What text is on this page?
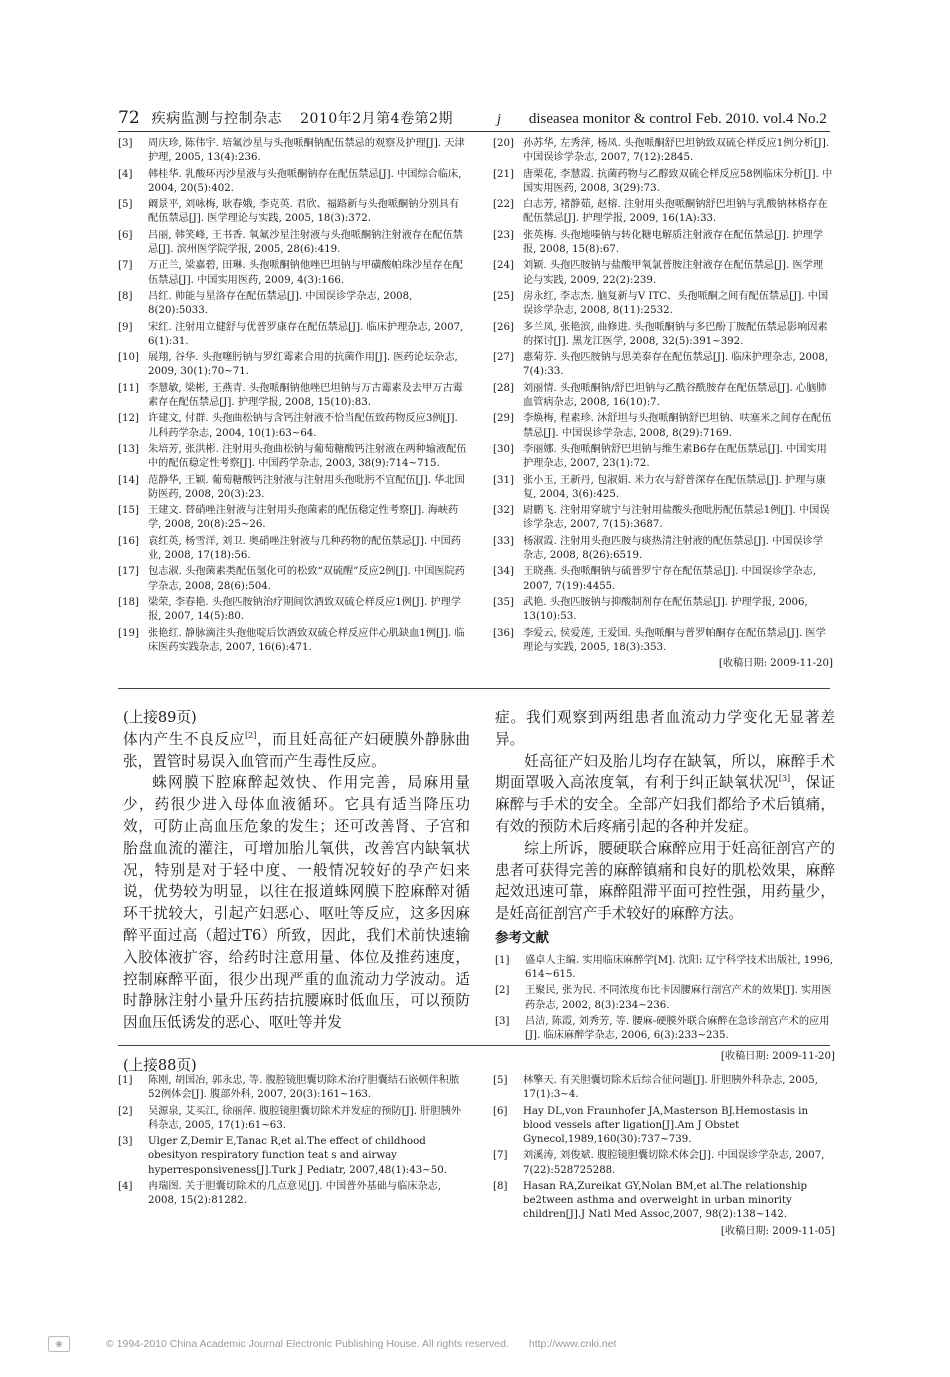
72 疾病监测与控制杂志 2010年2月第4卷第2期	j diseasea monitor & control Feb. 2010. vol.4 No.2
[3]	周庆珍, 陈伟宇. 培氟沙星与头孢哌酮钠配伍禁忌的观察及护理[J]. 天津护理, 2005, 13(4):236.
[4]	韩桂华. 乳酸环丙沙星液与头孢哌酮钠存在配伍禁忌[J]. 中国综合临床, 2004, 20(5):402.
[5]	阚景平, 刘咏梅, 耿春娥, 李克英. 君欣、福路新与头孢哌酮钠分别具有配伍禁忌[J]. 医学理论与实践, 2005, 18(3):372.
[6]	吕丽, 韩笑峰, 王书香. 氧氟沙星注射液与头孢哌酮钠注射液存在配伍禁忌[J]. 滨州医学院学报, 2005, 28(6):419.
[7]	万正兰, 梁嘉碧, 田琳. 头孢哌酮钠他唑巴坦钠与甲磺酸帕珠沙星存在配伍禁忌[J]. 中国实用医药, 2009, 4(3):166.
[8]	吕红. 帅能与星洛存在配伍禁忌[J]. 中国误诊学杂志, 2008, 8(20):5033.
[9]	宋红. 注射用立健舒与优普罗康存在配伍禁忌[J]. 临床护理杂志, 2007, 6(1):31.
[10] 展翔, 谷华. 头孢噻肟钠与罗红霉素合用的抗菌作用[J]. 医药论坛杂志, 2009, 30(1):70~71.
[11] 李慧敏, 梁彬, 王燕青. 头孢哌酮钠他唑巴坦钠与万古霉素及去甲万古霉素存在配伍禁忌[J]. 护理学报, 2008, 15(10):83.
[12] 许建文, 付群. 头孢曲松钠与含钙注射液不恰当配伍致药物反应3例[J]. 儿科药学杂志, 2004, 10(1):63~64.
[13] 朱培芳, 张洪彬. 注射用头孢曲松钠与葡萄糖酸钙注射液在两种输液配伍中的配伍稳定性考察[J]. 中国药学杂志, 2003, 38(9):714~715.
[14] 范静华, 王颖. 葡萄糖酸钙注射液与注射用头孢吡肟不宜配伍[J]. 华北国防医药, 2008, 20(3):23.
[15] 王建文. 替硝唑注射液与注射用头孢菌素的配伍稳定性考察[J]. 海峡药学, 2008, 20(8):25~26.
[16] 袁红英, 杨雪洋, 刘卫. 奥硝唑注射液与几种药物的配伍禁忌[J]. 中国药业, 2008, 17(18):56.
[17] 包志淑. 头孢菌素类配伍氢化可的松致“双硫醒”反应2例[J]. 中国医院药学杂志, 2008, 28(6):504.
[18] 梁荣, 李春艳. 头孢匹胺钠治疗期间饮酒致双硫仑样反应1例[J]. 护理学报, 2007, 14(5):80.
[19] 张艳红. 静脉滴注头孢他啶后饮酒致双硫仑样反应伴心肌缺血1例[J]. 临床医药实践杂志, 2007, 16(6):471.
[20] 孙苏华, 左秀萍, 杨凤. 头孢哌酮舒巴坦钠致双硫仑样反应1例分析[J]. 中国误诊学杂志, 2007, 7(12):2845.
[21] 唐栗花, 李慧霞. 抗菌药物与乙醇致双硫仑样反应58例临床分析[J]. 中国实用医药, 2008, 3(29):73.
[22] 白志芳, 褚静茹, 赵榕. 注射用头孢哌酮钠舒巴坦钠与乳酸钠林格存在配伍禁忌[J]. 护理学报, 2009, 16(1A):33.
[23] 张英梅. 头孢地嗪钠与转化糖电解质注射液存在配伍禁忌[J]. 护理学报, 2008, 15(8):67.
[24] 刘颖. 头孢匹胺钠与盐酸甲氧氯普胺注射液存在配伍禁忌[J]. 医学理论与实践, 2009, 22(2):239.
[25] 房永红, 李志杰. 脑复新与V ITC、头孢哌酮之间有配伍禁忌[J]. 中国误诊学杂志, 2008, 8(11):2532.
[26] 多兰凤, 张艳滨, 曲修进. 头孢哌酮钠与多巴酚丁胺配伍禁忌影响因素的探讨[J]. 黑龙江医学, 2008, 32(5):391~392.
[27] 惠菊芬. 头孢匹胺钠与思美泰存在配伍禁忌[J]. 临床护理杂志, 2008, 7(4):33.
[28] 刘丽情. 头孢哌酮钠/舒巴坦钠与乙酰谷酰胺存在配伍禁忌[J]. 心脑肺血管病杂志, 2008, 16(10):7.
[29] 李焕梅, 程素珍. 沐舒坦与头孢哌酮钠舒巴坦钠、呋塞米之间存在配伍禁忌[J]. 中国误诊学杂志, 2008, 8(29):7169.
[30] 李丽娜. 头孢哌酮钠舒巴坦钠与维生素B6存在配伍禁忌[J]. 中国实用护理杂志, 2007, 23(1):72.
[31] 张小玉, 王新丹, 包淑娟. 米力农与舒普深存在配伍禁忌[J]. 护理与康复, 2004, 3(6):425.
[32] 尉鹏飞. 注射用穿琥宁与注射用盐酸头孢吡肟配伍禁忌1例[J]. 中国误诊学杂志, 2007, 7(15):3687.
[33] 杨淑霞. 注射用头孢匹胺与痰热清注射液的配伍禁忌[J]. 中国误诊学杂志, 2008, 8(26):6519.
[34] 王晓燕. 头孢哌酮钠与硫普罗宁存在配伍禁忌[J]. 中国误诊学杂志, 2007, 7(19):4455.
[35] 武艳. 头孢匹胺钠与抑酸制剂存在配伍禁忌[J]. 护理学报, 2006, 13(10):53.
[36] 李爱云, 侯爱莲, 王爱国. 头孢哌酮与普罗帕酮存在配伍禁忌[J]. 医学理论与实践, 2005, 18(3):353.
[收稿日期: 2009-11-20]

(上接89页)

体内产生不良反应[2]，而且妊高征产妇硬膜外静脉曲张，置管时易误入血管而产生毒性反应。

蛛网膜下腔麻醉起效快、作用完善，局麻用量少，药很少进入母体血液循环。它具有适当降压功效，可防止高血压危象的发生；还可改善肾、子宫和胎盘血流的灌注，可增加胎儿氧供，改善宫内缺氧状况，特别是对于轻中度、一般情况较好的孕产妇来说，优势较为明显，以往在报道蛛网膜下腔麻醉对循环干扰较大，引起产妇恶心、呕吐等反应，这多因麻醉平面过高（超过T6）所致，因此，我们术前快速输入胶体液扩容，给药时注意用量、体位及推药速度，控制麻醉平面，很少出现严重的血流动力学波动。适时静脉注射小量升压药拮抗腰麻时低血压，可以预防因血压低诱发的恶心、呕吐等并发

症。我们观察到两组患者血流动力学变化无显著差异。

妊高征产妇及胎儿均存在缺氧，所以，麻醉手术期面罩吸入高浓度氧，有利于纠正缺氧状况[3]，保证麻醉与手术的安全。全部产妇我们都给予术后镇痛，有效的预防术后疼痛引起的各种并发症。

综上所诉，腰硬联合麻醉应用于妊高征剖宫产的患者可获得完善的麻醉镇痛和良好的肌松效果，麻醉起效迅速可靠，麻醉阻滞平面可控性强，用药量少，是妊高征剖宫产手术较好的麻醉方法。

参考文献
[1]	盛卓人主编. 实用临床麻醉学[M]. 沈阳: 辽宁科学技术出版社, 1996, 614~615.
[2]	王聚民, 张为民. 不同浓度布比卡因腰麻行剖宫产术的效果[J]. 实用医药杂志, 2002, 8(3):234~236.
[3]	吕洁, 陈霞, 刘秀芳, 等. 腰麻-硬膜外联合麻醉在急诊剖宫产术的应用[J]. 临床麻醉学杂志, 2006, 6(3):233~235.
[收稿日期: 2009-11-20]
(上接88页)
[1]	陈刚, 胡国冶, 郭永忠, 等. 腹腔镜胆囊切除术治疗胆囊结石嵌顿伴积脓52例体会[J]. 腹部外科, 2007, 20(3):161~163.
[2]	吴源泉, 艾买江, 徐丽萍. 腹腔镜胆囊切除术并发症的预防[J]. 肝胆胰外科杂志, 2005, 17(1):61~63.
[3]	Ulger Z,Demir E,Tanac R,et al.The effect of childhood obesityon respiratory function teat s and airway hyperresponsiveness[J].Turk J Pediatr, 2007,48(1):43~50.
[4]	冉瑞图. 关于胆囊切除术的几点意见[J]. 中国普外基础与临床杂志, 2008, 15(2):81282.
[5]	林擎天. 有关胆囊切除术后综合征问题[J]. 肝胆胰外科杂志, 2005, 17(1):3~4.
[6]	Hay DL,von Fraunhofer JA,Masterson BJ.Hemostasis in blood vessels after ligation[J].Am J Obstet Gynecol,1989,160(30):737~739.
[7]	刘溪涛, 刘俊斌. 腹腔镜胆囊切除术体会[J]. 中国误诊学杂志, 2007, 7(22):528725288.
[8]	Hasan RA,Zureikat GY,Nolan BM,et al.The relationship be2tween asthma and overweight in urban minority children[J].J Natl Med Assoc,2007, 98(2):138~142.
[收稿日期: 2009-11-05]
❀	© 1994-2010 China Academic Journal Electronic Publishing House. All rights reserved. http://www.cnki.net
